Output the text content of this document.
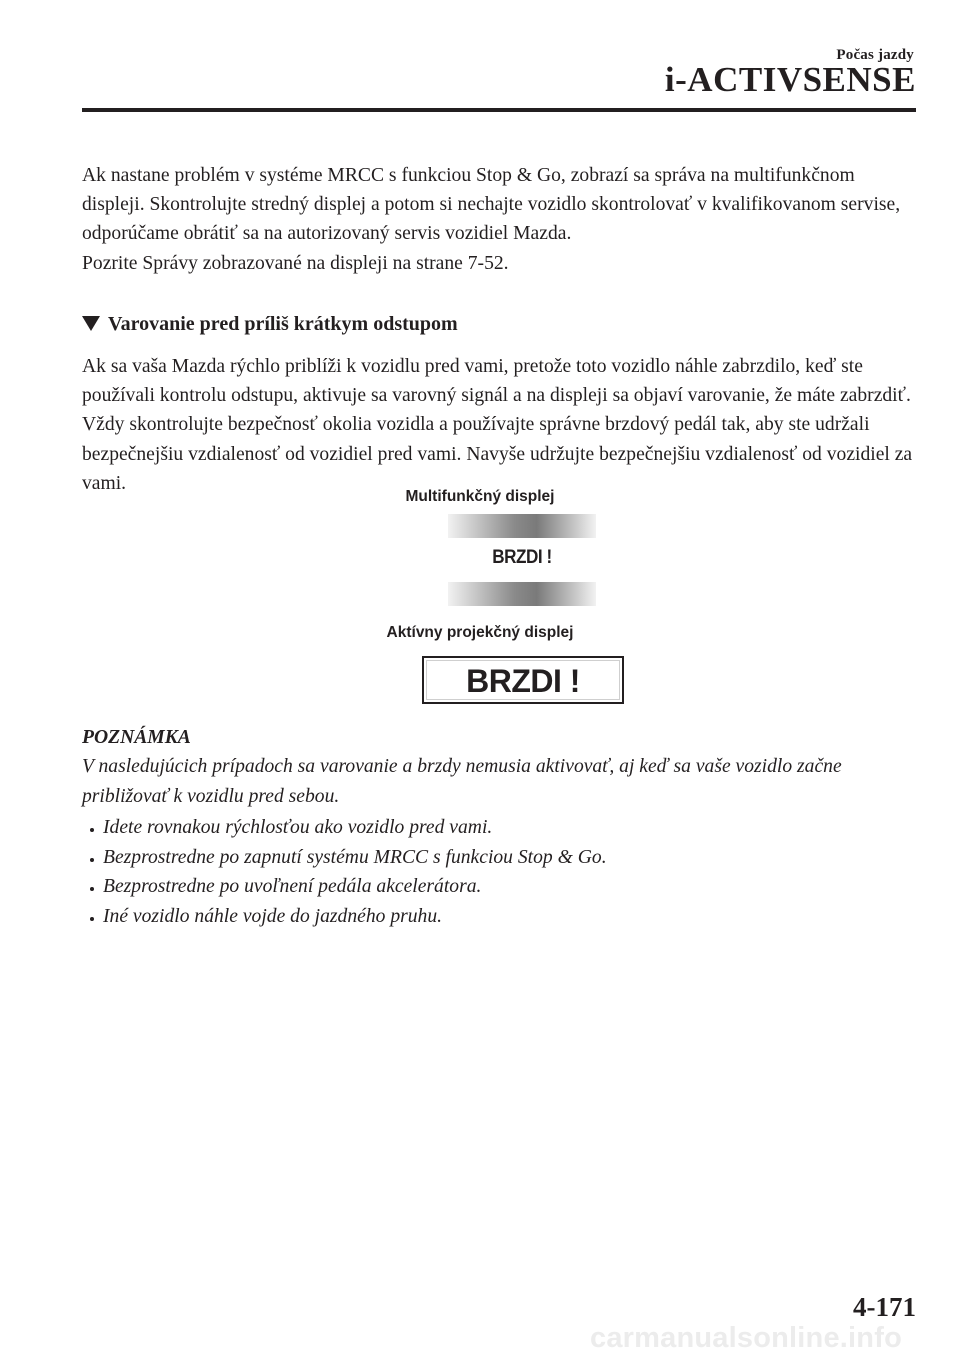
Počas jazdy
i-ACTIVSENSE

Ak nastane problém v systéme MRCC s funkciou Stop & Go, zobrazí sa správa na multifunkčnom displeji. Skontrolujte stredný displej a potom si nechajte vozidlo skontrolovať v kvalifikovanom servise, odporúčame obrátiť sa na autorizovaný servis vozidiel Mazda.
Pozrite Správy zobrazované na displeji na strane 7-52.

Varovanie pred príliš krátkym odstupom

Ak sa vaša Mazda rýchlo priblíži k vozidlu pred vami, pretože toto vozidlo náhle zabrzdilo, keď ste používali kontrolu odstupu, aktivuje sa varovný signál a na displeji sa objaví varovanie, že máte zabrzdiť. Vždy skontrolujte bezpečnosť okolia vozidla a používajte správne brzdový pedál tak, aby ste udržali bezpečnejšiu vzdialenosť od vozidiel pred vami. Navyše udržujte bezpečnejšiu vzdialenosť od vozidiel za vami.

Multifunkčný displej
BRZDI !
Aktívny projekčný displej
BRZDI !
POZNÁMKA

V nasledujúcich prípadoch sa varovanie a brzdy nemusia aktivovať, aj keď sa vaše vozidlo začne približovať k vozidlu pred sebou.

Idete rovnakou rýchlosťou ako vozidlo pred vami.
Bezprostredne po zapnutí systému MRCC s funkciou Stop & Go.
Bezprostredne po uvoľnení pedála akcelerátora.
Iné vozidlo náhle vojde do jazdného pruhu.
4-171
carmanualsonline.info
